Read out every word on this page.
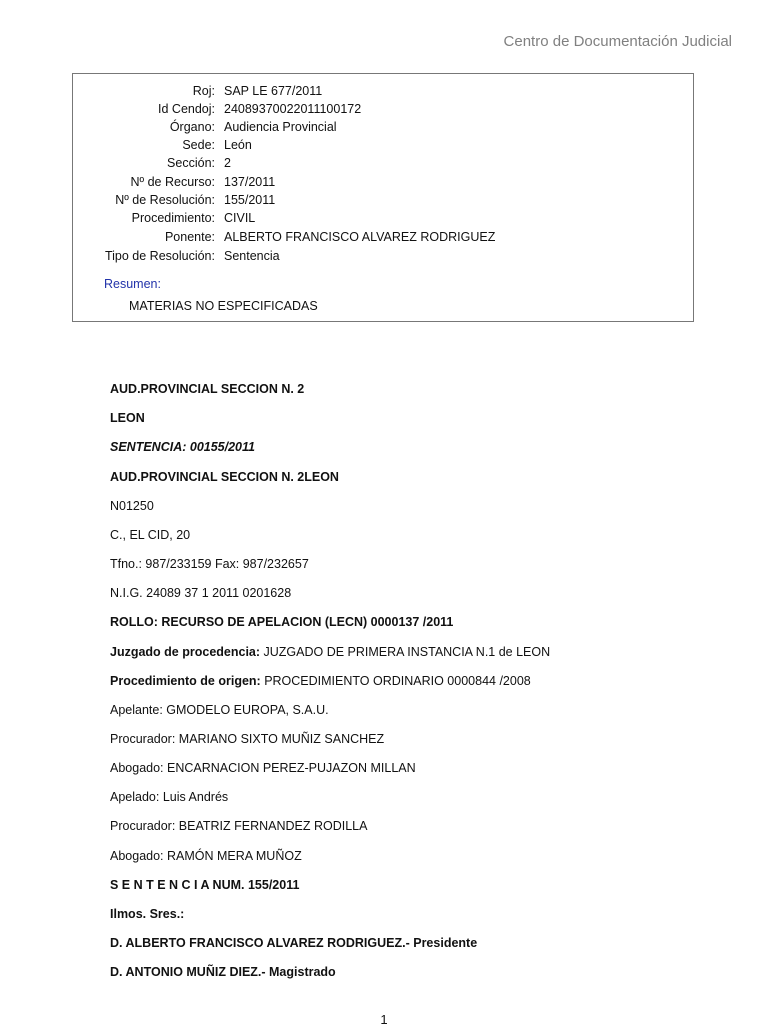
Centro de Documentación Judicial
Roj: SAP LE 677/2011
Id Cendoj: 24089370022011100172
Órgano: Audiencia Provincial
Sede: León
Sección: 2
Nº de Recurso: 137/2011
Nº de Resolución: 155/2011
Procedimiento: CIVIL
Ponente: ALBERTO FRANCISCO ALVAREZ RODRIGUEZ
Tipo de Resolución: Sentencia
Resumen:
MATERIAS NO ESPECIFICADAS
AUD.PROVINCIAL SECCION N. 2
LEON
SENTENCIA: 00155/2011
AUD.PROVINCIAL SECCION N. 2LEON
N01250
C., EL CID, 20
Tfno.: 987/233159 Fax: 987/232657
N.I.G. 24089 37 1 2011 0201628
ROLLO: RECURSO DE APELACION (LECN) 0000137 /2011
Juzgado de procedencia: JUZGADO DE PRIMERA INSTANCIA N.1 de LEON
Procedimiento de origen: PROCEDIMIENTO ORDINARIO 0000844 /2008
Apelante: GMODELO EUROPA, S.A.U.
Procurador: MARIANO SIXTO MUÑIZ SANCHEZ
Abogado: ENCARNACION PEREZ-PUJAZON MILLAN
Apelado: Luis Andrés
Procurador: BEATRIZ FERNANDEZ RODILLA
Abogado: RAMÓN MERA MUÑOZ
S E N T E N C I A NUM. 155/2011
Ilmos. Sres.:
D. ALBERTO FRANCISCO ALVAREZ RODRIGUEZ.- Presidente
D. ANTONIO MUÑIZ DIEZ.- Magistrado
1
